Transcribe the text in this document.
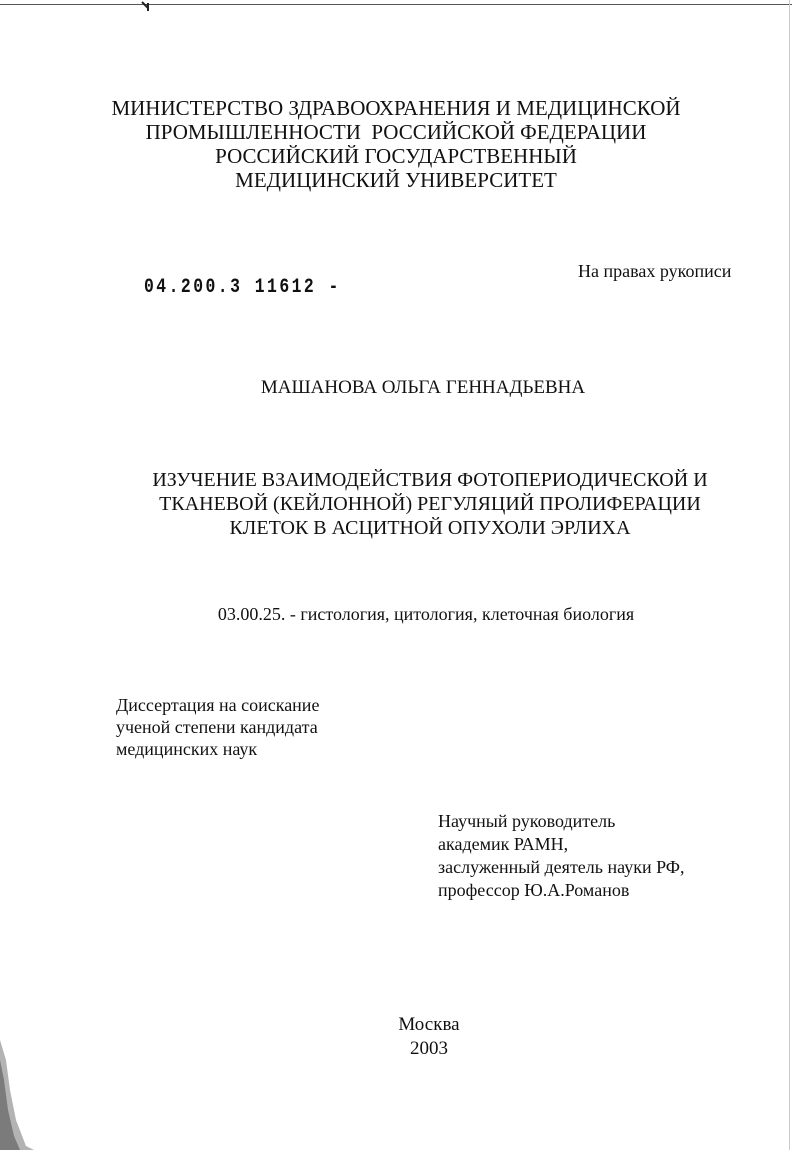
МИНИСТЕРСТВО ЗДРАВООХРАНЕНИЯ И МЕДИЦИНСКОЙ
ПРОМЫШЛЕННОСТИ  РОССИЙСКОЙ ФЕДЕРАЦИИ
РОССИЙСКИЙ ГОСУДАРСТВЕННЫЙ
МЕДИЦИНСКИЙ УНИВЕРСИТЕТ
На правах рукописи
04.200.3 11612 -
МАШАНОВА ОЛЬГА ГЕННАДЬЕВНА
ИЗУЧЕНИЕ ВЗАИМОДЕЙСТВИЯ ФОТОПЕРИОДИЧЕСКОЙ И
ТКАНЕВОЙ (КЕЙЛОННОЙ) РЕГУЛЯЦИЙ ПРОЛИФЕРАЦИИ
КЛЕТОК В АСЦИТНОЙ ОПУХОЛИ ЭРЛИХА
03.00.25. - гистология, цитология, клеточная биология
Диссертация на соискание
ученой степени кандидата
медицинских наук
Научный руководитель
академик РАМН,
заслуженный деятель науки РФ,
профессор Ю.А.Романов
Москва
2003
